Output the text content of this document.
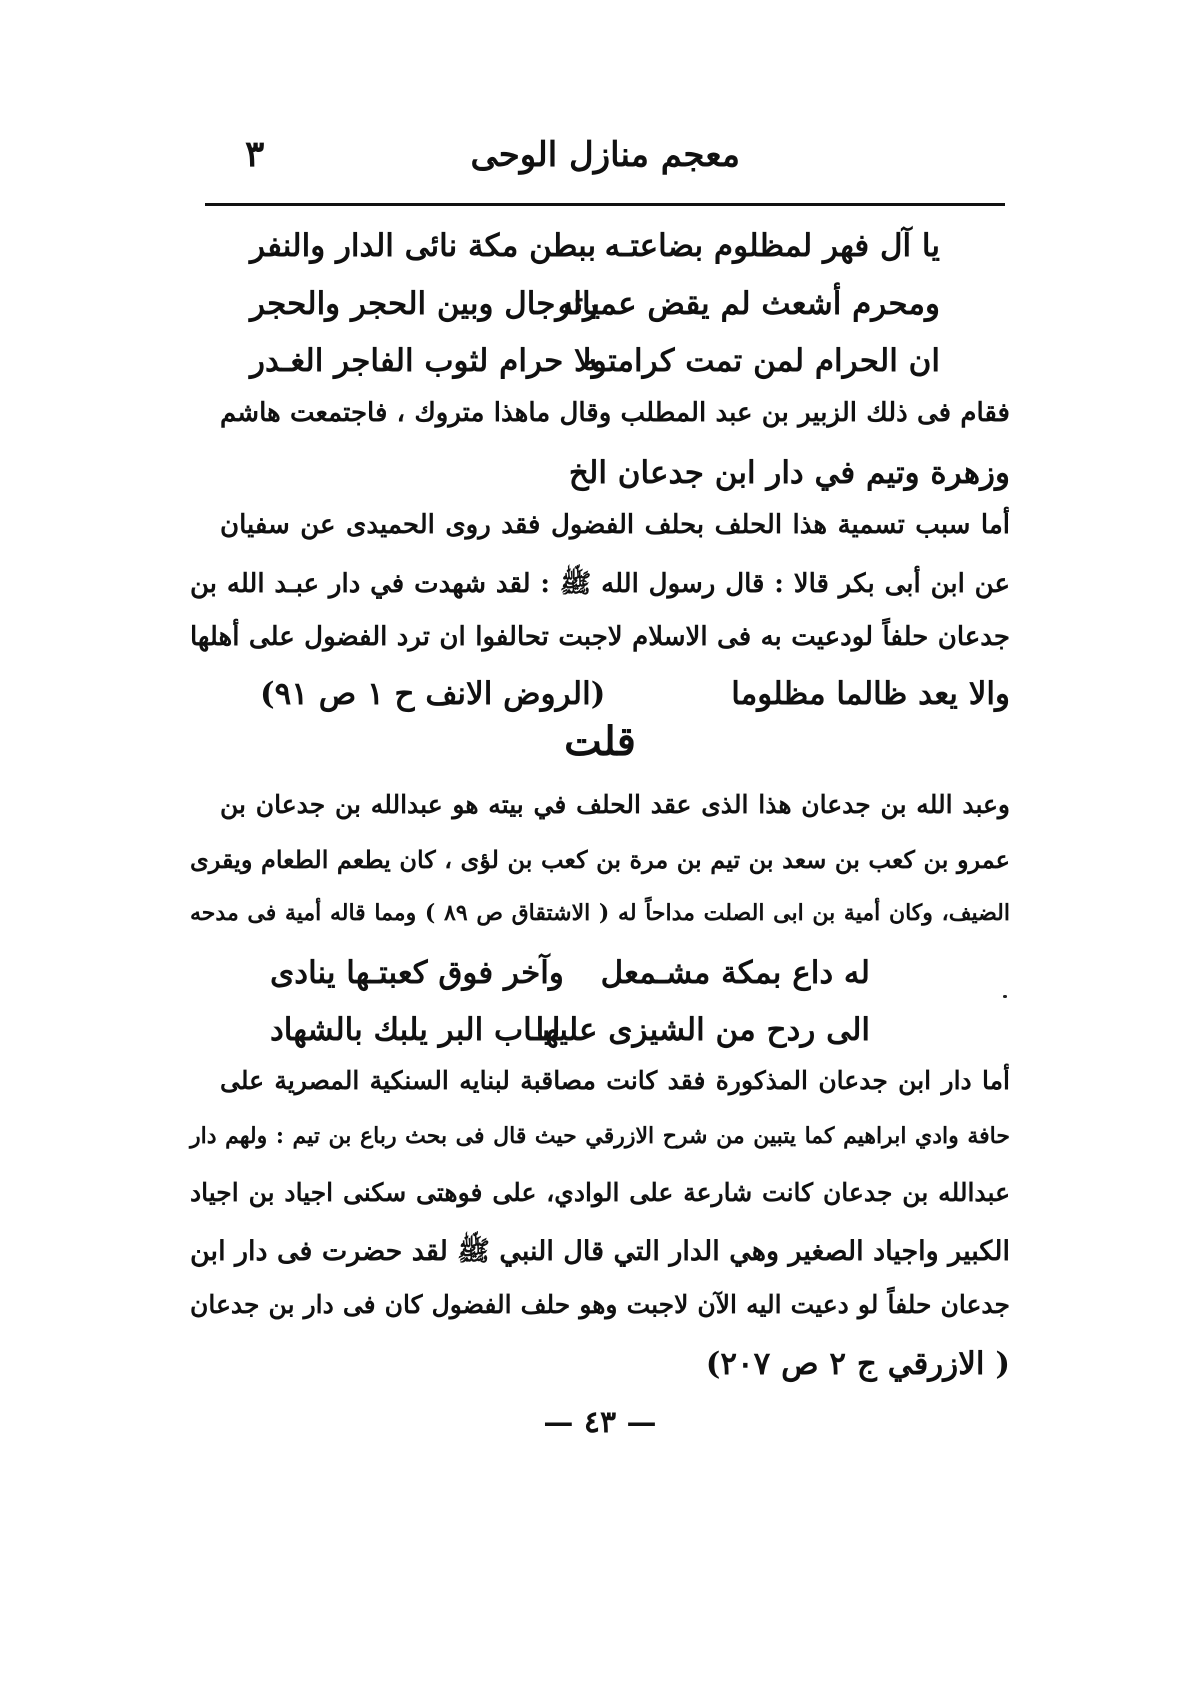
معجم منازل الوحى
٣
يا آل فهر لمظلوم بضاعتـه
ببطن مكة نائى الدار والنفر
ومحرم أشعث لم يقض عمرته
يالرجال وبين الحجر والحجر
ان الحرام لمن تمت كرامتـه
ولا حرام لثوب الفاجر الغـدر
فقام فى ذلك الزبير بن عبد المطلب وقال ماهذا متروك ، فاجتمعت هاشم
وزهرة وتيم في دار ابن جدعان الخ
أما سبب تسمية هذا الحلف بحلف الفضول فقد روى الحميدى عن سفيان
عن ابن أبى بكر قالا : قال رسول الله ﷺ : لقد شهدت في دار عبـد الله بن
جدعان حلفاً لودعيت به فى الاسلام لاجبت تحالفوا ان ترد الفضول على أهلها
والا يعد ظالما مظلوما
(الروض الانف ح ١ ص ٩١)
قلت
وعبد الله بن جدعان هذا الذى عقد الحلف في بيته هو عبدالله بن جدعان بن
عمرو بن كعب بن سعد بن تيم بن مرة بن كعب بن لؤى ، كان يطعم الطعام ويقرى
الضيف، وكان أمية بن ابى الصلت مداحاً له ( الاشتقاق ص ٨٩ ) ومما قاله أمية فى مدحه
له داع بمكة مشـمعل
وآخر فوق كعبتـها ينادى
الى ردح من الشيزى عليها
لبـاب البر يلبك بالشهاد
أما دار ابن جدعان المذكورة فقد كانت مصاقبة لبنايه السنكية المصرية على
حافة وادي ابراهيم كما يتبين من شرح الازرقي حيث قال فى بحث رباع بن تيم : ولهم دار
عبدالله بن جدعان كانت شارعة على الوادي، على فوهتى سكنى اجياد بن اجياد
الكبير واجياد الصغير وهي الدار التي قال النبي ﷺ لقد حضرت فى دار ابن
جدعان حلفاً لو دعيت اليه الآن لاجبت وهو حلف الفضول كان فى دار بن جدعان
( الازرقي ج ٢ ص ٢٠٧)
— ٤٣ —
